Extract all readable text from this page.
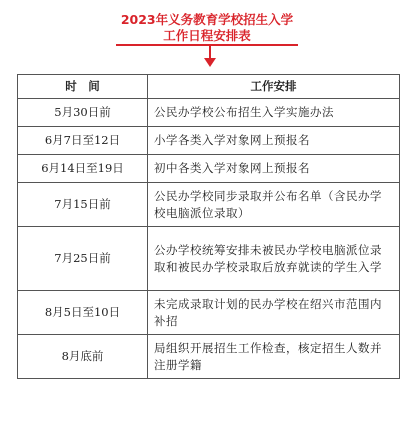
2023年义务教育学校招生入学
工作日程安排表
时　间	工作安排
5月30日前	公民办学校公布招生入学实施办法
6月7日至12日	小学各类入学对象网上预报名
6月14日至19日	初中各类入学对象网上预报名
7月15日前	公民办学校同步录取并公布名单（含民办学校电脑派位录取）
7月25日前	公办学校统筹安排未被民办学校电脑派位录取和被民办学校录取后放弃就读的学生入学
8月5日至10日	未完成录取计划的民办学校在绍兴市范围内补招
8月底前	局组织开展招生工作检查，核定招生人数并注册学籍
